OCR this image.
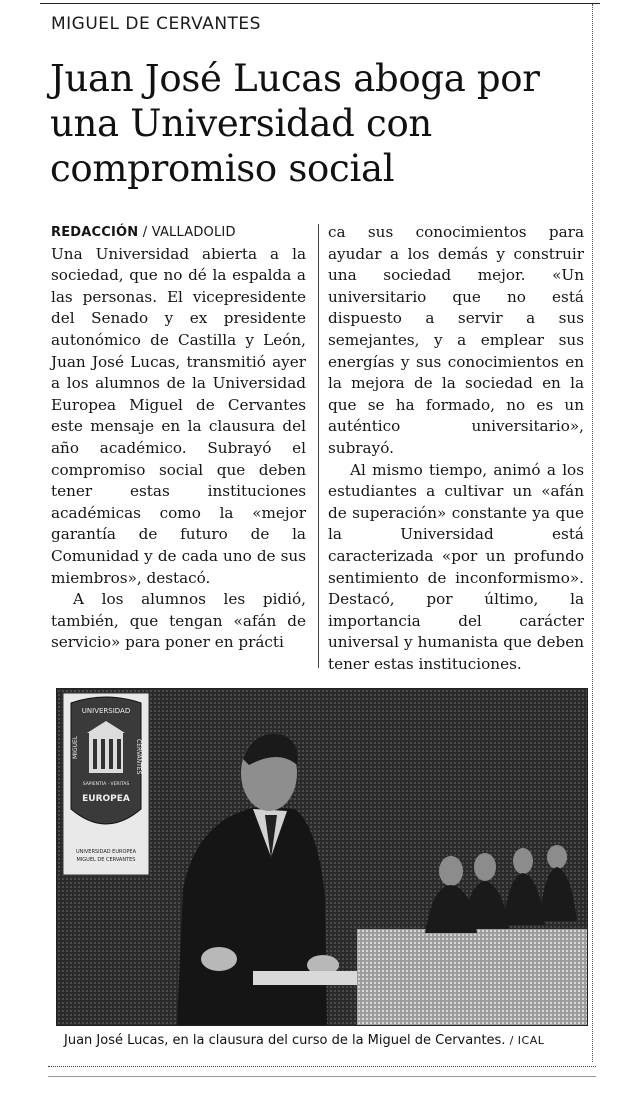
MIGUEL DE CERVANTES
Juan José Lucas aboga por una Universidad con compromiso social
REDACCIÓN / VALLADOLID

Una Universidad abierta a la sociedad, que no dé la espalda a las personas. El vicepresidente del Senado y ex presidente autonómico de Castilla y León, Juan José Lucas, transmitió ayer a los alumnos de la Universidad Europea Miguel de Cervantes este mensaje en la clausura del año académico. Subrayó el compromiso social que deben tener estas instituciones académicas como la «mejor garantía de futuro de la Comunidad y de cada uno de sus miembros», destacó.

A los alumnos les pidió, también, que tengan «afán de servicio» para poner en prácti

ca sus conocimientos para ayudar a los demás y construir una sociedad mejor. «Un universitario que no está dispuesto a servir a sus semejantes, y a emplear sus energías y sus conocimientos en la mejora de la sociedad en la que se ha formado, no es un auténtico universitario», subrayó.

Al mismo tiempo, animó a los estudiantes a cultivar un «afán de superación» constante ya que la Universidad está caracterizada «por un profundo sentimiento de inconformismo». Destacó, por último, la importancia del carácter universal y humanista que deben tener estas instituciones.

UNIVERSIDAD
MIGUEL	CERVANTES
SAPIENTIA · VERITAS
EUROPEA
UNIVERSIDAD EUROPEA
MIGUEL DE CERVANTES
Juan José Lucas, en la clausura del curso de la Miguel de Cervantes. / ICAL
